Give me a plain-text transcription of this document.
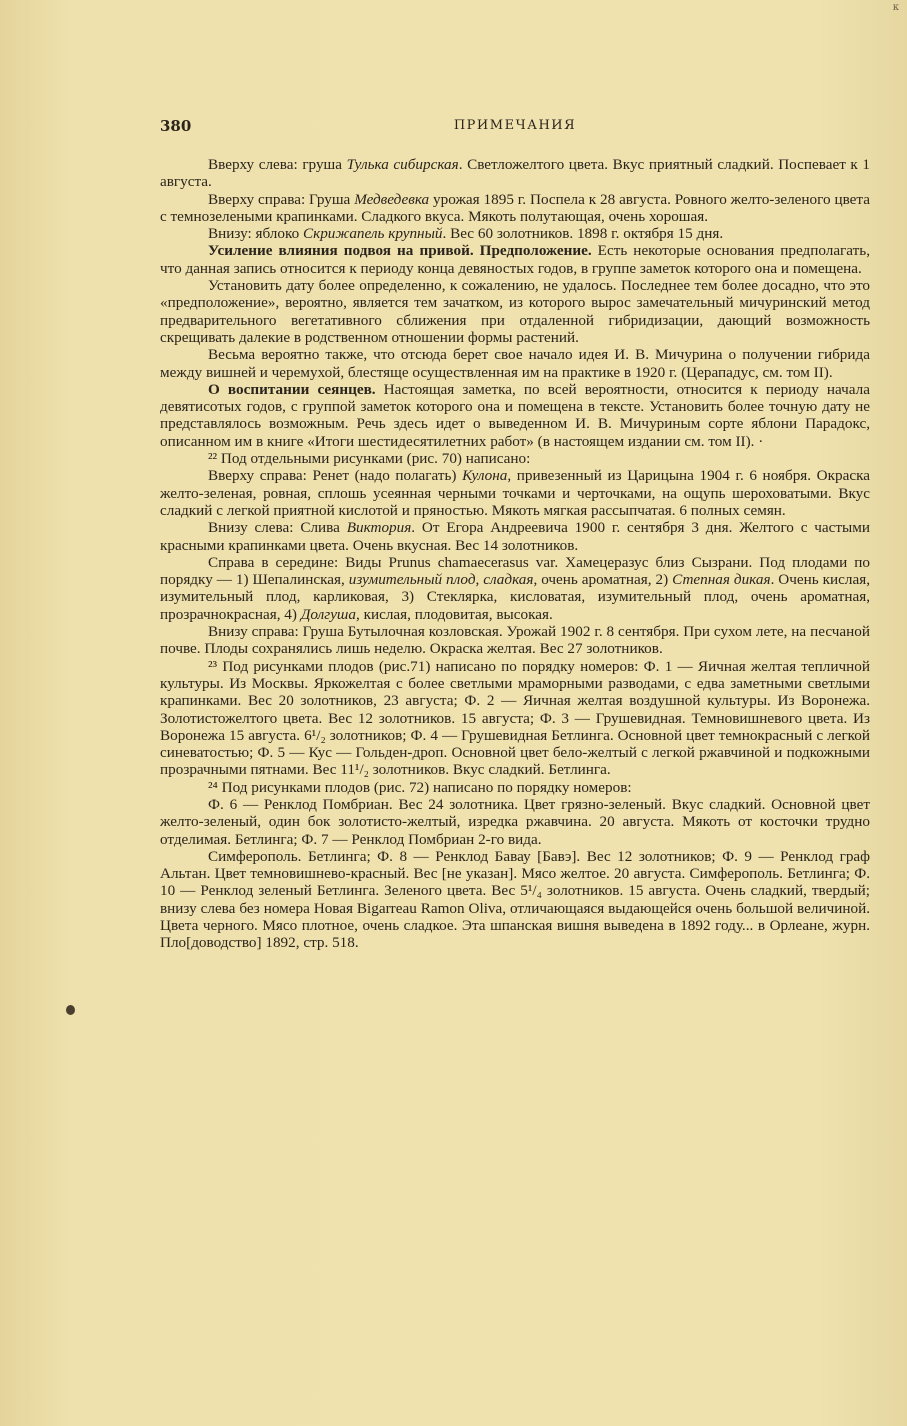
к
380	ПРИМЕЧАНИЯ

Вверху слева: груша Тулька сибирская. Светложелтого цвета. Вкус приятный сладкий. Поспевает к 1 августа.

Вверху справа: Груша Медведевка урожая 1895 г. Поспела к 28 августа. Ровного желто-зеленого цвета с темнозелеными крапинками. Сладкого вкуса. Мякоть полутающая, очень хорошая.

Внизу: яблоко Скрижапель крупный. Вес 60 золотников. 1898 г. октября 15 дня.

Усиление влияния подвоя на привой. Предположение. Есть некоторые основания предполагать, что данная запись относится к периоду конца девяностых годов, в группе заметок которого она и помещена.

Установить дату более определенно, к сожалению, не удалось. Последнее тем более досадно, что это «предположение», вероятно, является тем зачатком, из которого вырос замечательный мичуринский метод предварительного вегетативного сближения при отдаленной гибридизации, дающий возможность скрещивать далекие в родственном отношении формы растений.

Весьма вероятно также, что отсюда берет свое начало идея И. В. Мичурина о получении гибрида между вишней и черемухой, блестяще осуществленная им на практике в 1920 г. (Церападус, см. том II).

О воспитании сеянцев. Настоящая заметка, по всей вероятности, относится к периоду начала девятисотых годов, с группой заметок которого она и помещена в тексте. Установить более точную дату не представлялось возможным. Речь здесь идет о выведенном И. В. Мичуриным сорте яблони Парадокс, описанном им в книге «Итоги шестидесятилетних работ» (в настоящем издании см. том II). ·

²² Под отдельными рисунками (рис. 70) написано:

Вверху справа: Ренет (надо полагать) Кулона, привезенный из Царицына 1904 г. 6 ноября. Окраска желто-зеленая, ровная, сплошь усеянная черными точками и черточками, на ощупь шероховатыми. Вкус сладкий с легкой приятной кислотой и пряностью. Мякоть мягкая рассыпчатая. 6 полных семян.

Внизу слева: Слива Виктория. От Егора Андреевича 1900 г. сентября 3 дня. Желтого с частыми красными крапинками цвета. Очень вкусная. Вес 14 золотников.

Справа в середине: Виды Prunus chamaecerasus var. Хамецеразус близ Сызрани. Под плодами по порядку — 1) Шепалинская, изумительный плод, сладкая, очень ароматная, 2) Степная дикая. Очень кислая, изумительный плод, карликовая, 3) Стеклярка, кисловатая, изумительный плод, очень ароматная, прозрачнокрасная, 4) Долгуша, кислая, плодовитая, высокая.

Внизу справа: Груша Бутылочная козловская. Урожай 1902 г. 8 сентября. При сухом лете, на песчаной почве. Плоды сохранялись лишь неделю. Окраска желтая. Вес 27 золотников.

²³ Под рисунками плодов (рис.71) написано по порядку номеров: Ф. 1 — Яичная желтая тепличной культуры. Из Москвы. Яркожелтая с более светлыми мраморными разводами, с едва заметными светлыми крапинками. Вес 20 золотников, 23 августа; Ф. 2 — Яичная желтая воздушной культуры. Из Воронежа. Золотистожелтого цвета. Вес 12 золотников. 15 августа; Ф. 3 — Грушевидная. Темновишневого цвета. Из Воронежа 15 августа. 6¹/₂ золотников; Ф. 4 — Грушевидная Бетлинга. Основной цвет темнокрасный с легкой синеватостью; Ф. 5 — Кус — Гольден-дроп. Основной цвет бело-желтый с легкой ржавчиной и подкожными прозрачными пятнами. Вес 11¹/₂ золотников. Вкус сладкий. Бетлинга.

²⁴ Под рисунками плодов (рис. 72) написано по порядку номеров:

Ф. 6 — Ренклод Помбриан. Вес 24 золотника. Цвет грязно-зеленый. Вкус сладкий. Основной цвет желто-зеленый, один бок золотисто-желтый, изредка ржавчина. 20 августа. Мякоть от косточки трудно отделимая. Бетлинга; Ф. 7 — Ренклод Помбриан 2-го вида.

Симферополь. Бетлинга; Ф. 8 — Ренклод Бавау [Бавэ]. Вес 12 золотников; Ф. 9 — Ренклод граф Альтан. Цвет темновишнево-красный. Вес [не указан]. Мясо желтое. 20 августа. Симферополь. Бетлинга; Ф. 10 — Ренклод зеленый Бетлинга. Зеленого цвета. Вес 5¹/₄ золотников. 15 августа. Очень сладкий, твердый; внизу слева без номера Новая Bigarreau Ramon Oliva, отличающаяся выдающейся очень большой величиной. Цвета черного. Мясо плотное, очень сладкое. Эта шпанская вишня выведена в 1892 году... в Орлеане, журн. Пло[доводство] 1892, стр. 518.
